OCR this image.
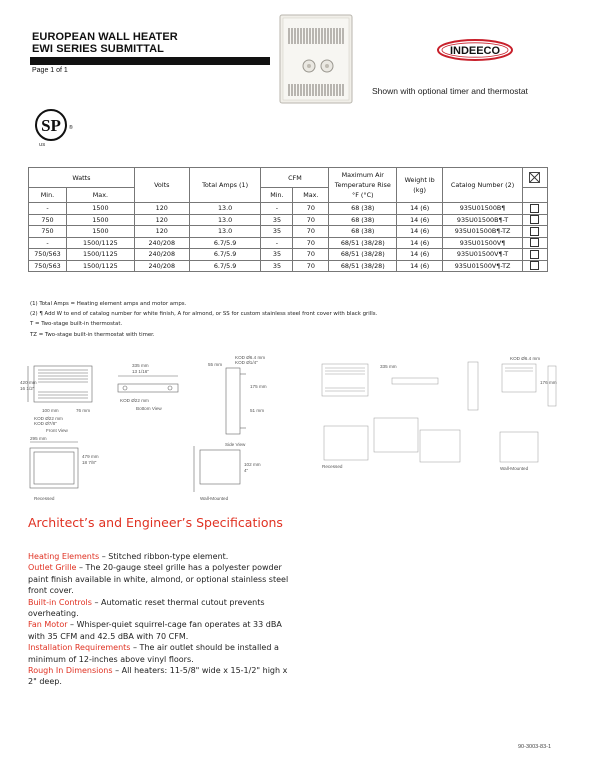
EUROPEAN WALL HEATER
EWI SERIES SUBMITTAL
Page 1 of 1
INDEECO
Shown with optional timer and thermostat
SP ®
US
Watts		Volts	Total Amps (1)	CFM		Maximum Air Temperature Rise °F (°C)	Weight lb (kg)	Catalog Number (2)	
Min.	Max.			Min.	Max.				
-	1500	120	13.0	-	70	68 (38)	14 (6)	935U01500B¶	
750	1500	120	13.0	35	70	68 (38)	14 (6)	935U01500B¶-T	
750	1500	120	13.0	35	70	68 (38)	14 (6)	935U01500B¶-TZ	
-	1500/1125	240/208	6.7/5.9	-	70	68/51 (38/28)	14 (6)	935U01500V¶	
750/563	1500/1125	240/208	6.7/5.9	35	70	68/51 (38/28)	14 (6)	935U01500V¶-T	
750/563	1500/1125	240/208	6.7/5.9	35	70	68/51 (38/28)	14 (6)	935U01500V¶-TZ	
(1) Total Amps = Heating element amps and motor amps.
(2) ¶ Add W to end of catalog number for white finish, A for almond, or SS for custom stainless steel front cover with black grills.
T = Two-stage built-in thermostat.
TZ = Two-stage built-in thermostat with timer.
420 mm
16 1/2"
100 mm	76 mm
KOD Ø22 mm
KOD Ø7/8"
Front View
335 mm
13 1/16"
KOD Ø22 mm
Bottom View
55 mm
KOD Ø6.4 mm
KOD Ø1/4"
175 mm
51 mm
Side View
295 mm
479 mm
18 7/8"
Recessed
102 mm
4"
Wall-Mounted
335 mm
KOD Ø6.4 mm
176 mm
Recessed	Wall-Mounted
Architect’s and Engineer’s Specifications
Heating Elements – Stitched ribbon-type element.
Outlet Grille – The 20-gauge steel grille has a polyester powder paint finish available in white, almond, or optional stainless steel front cover.
Built-in Controls – Automatic reset thermal cutout prevents overheating.
Fan Motor – Whisper-quiet squirrel-cage fan operates at 33 dBA with 35 CFM and 42.5 dBA with 70 CFM.
Installation Requirements – The air outlet should be installed a minimum of 12-inches above vinyl floors.
Rough In Dimensions – All heaters: 11-5/8" wide x 15-1/2" high x 2" deep.
90-3003-83-1
